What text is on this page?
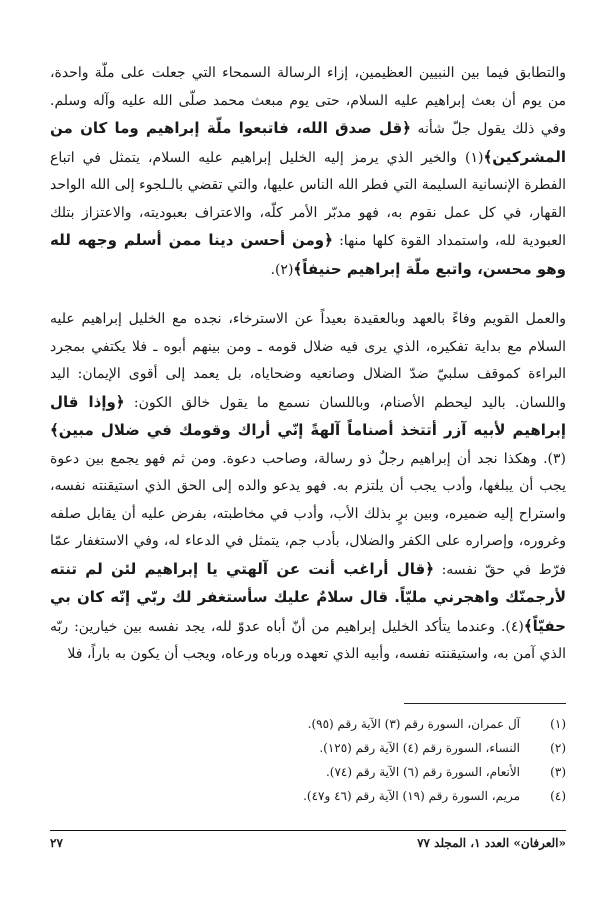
والتطابق فيما بين النبيين العظيمين، إزاء الرسالة السمحاء التي جعلت على ملّة واحدة، من يوم أن بعث إبراهيم عليه السلام، حتى يوم مبعث محمد صلّى الله عليه وآله وسلم. وفي ذلك يقول جلّ شأنه ﴿قل صدق الله، فاتبعوا ملّة إبراهيم وما كان من المشركين﴾(١) والخير الذي يرمز إليه الخليل إبراهيم عليه السلام، يتمثل في اتباع الفطرة الإنسانية السليمة التي فطر الله الناس عليها، والتي تقضي بالـلجوء إلى الله الواحد القهار، في كل عمل نقوم به، فهو مدبّر الأمر كلّه، والاعتراف بعبوديته، والاعتزاز بتلك العبودية لله، واستمداد القوة كلها منها: ﴿ومن أحسن دينا ممن أسلم وجهه لله وهو محسن، واتبع ملّة إبراهيم حنيفاً﴾(٢).

والعمل القويم وفاءً بالعهد وبالعقيدة بعيداً عن الاسترخاء، نجده مع الخليل إبراهيم عليه السلام مع بداية تفكيره، الذي يرى فيه ضلال قومه ـ ومن بينهم أبوه ـ فلا يكتفي بمجرد البراءة كموقف سلبيّ ضدّ الضلال وصانعيه وضحاياه، بل يعمد إلى أقوى الإيمان: اليد واللسان. باليد ليحطم الأصنام، وباللسان نسمع ما يقول خالق الكون: ﴿وإذا قال إبراهيم لأبيه آزر أتتخذ أصناماً آلهةً إنّي أراك وقومك في ضلال مبين﴾(٣). وهكذا نجد أن إبراهيم رجلٌ ذو رسالة، وصاحب دعوة. ومن ثم فهو يجمع بين دعوة يجب أن يبلغها، وأدب يجب أن يلتزم به. فهو يدعو والده إلى الحق الذي استيقنته نفسه، واستراح إليه ضميره، وبين برٍ بذلك الأب، وأدب في مخاطبته، بفرض عليه أن يقابل صلفه وغروره، وإصراره على الكفر والضلال، بأدب جم، يتمثل في الدعاء له، وفي الاستغفار عمّا فرّط في حقّ نفسه: ﴿قال أراغب أنت عن آلهتي يا إبراهيم لئن لم تنته لأرجمنّك واهجرني مليّاً. قال سلامٌ عليك سأستغفر لك ربّي إنّه كان بي حفيّاً﴾(٤). وعندما يتأكد الخليل إبراهيم من أنّ أباه عدوّ لله، يجد نفسه بين خيارين: ربّه الذي آمن به، واستيقنته نفسه، وأبيه الذي تعهده ورباه ورعاه، ويجب أن يكون به باراً، فلا

(١)
آل عمران، السورة رقم (٣) الآية رقم (٩٥).
(٢)
النساء، السورة رقم (٤) الآية رقم (١٢٥).
(٣)
الأنعام، السورة رقم (٦) الآية رقم (٧٤).
(٤)
مريم، السورة رقم (١٩) الآية رقم (٤٦ و٤٧).
«العرفان» العدد ١، المجلد ٧٧
٢٧
